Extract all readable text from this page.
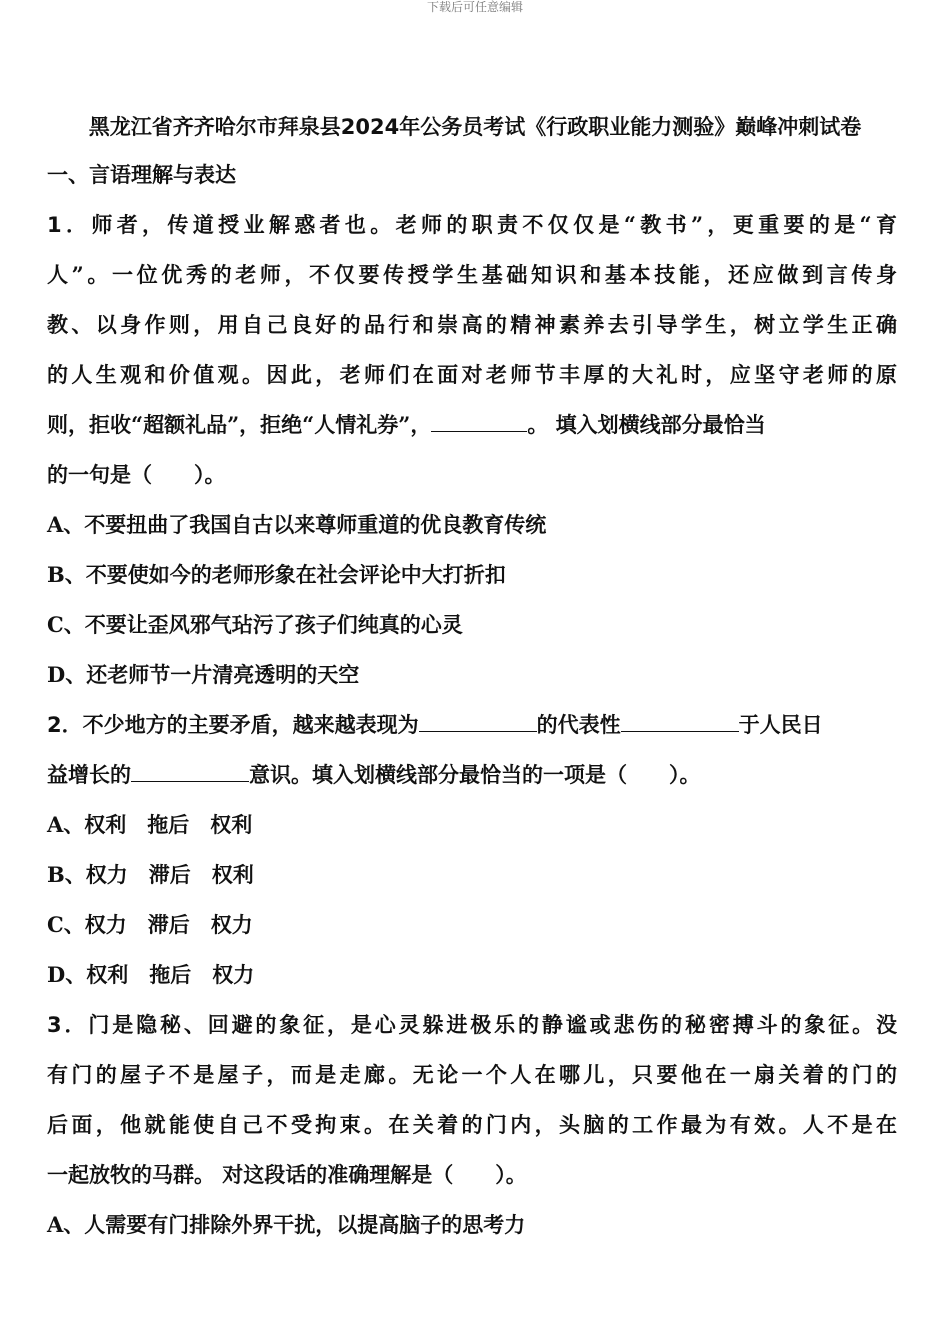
下载后可任意编辑
黑龙江省齐齐哈尔市拜泉县2024年公务员考试《行政职业能力测验》巅峰冲刺试卷
一、言语理解与表达
1．师者，传道授业解惑者也。老师的职责不仅仅是“教书”，更重要的是“育
人”。一位优秀的老师，不仅要传授学生基础知识和基本技能，还应做到言传身
教、以身作则，用自己良好的品行和崇高的精神素养去引导学生，树立学生正确
的人生观和价值观。因此，老师们在面对老师节丰厚的大礼时，应坚守老师的原
则，拒收“超额礼品”，拒绝“人情礼券”，	。 填入划横线部分最恰当
的一句是（　　）。
A、不要扭曲了我国自古以来尊师重道的优良教育传统
B、不要使如今的老师形象在社会评论中大打折扣
C、不要让歪风邪气玷污了孩子们纯真的心灵
D、还老师节一片清亮透明的天空
2．不少地方的主要矛盾，越来越表现为	的代表性	于人民日
益增长的	意识。填入划横线部分最恰当的一项是（　　）。
A、权利　拖后　权利
B、权力　滞后　权利
C、权力　滞后　权力
D、权利　拖后　权力
3．门是隐秘、回避的象征，是心灵躲进极乐的静谧或悲伤的秘密搏斗的象征。没
有门的屋子不是屋子，而是走廊。无论一个人在哪儿，只要他在一扇关着的门的
后面，他就能使自己不受拘束。在关着的门内，头脑的工作最为有效。人不是在
一起放牧的马群。 对这段话的准确理解是（　　）。
A、人需要有门排除外界干扰，以提高脑子的思考力
